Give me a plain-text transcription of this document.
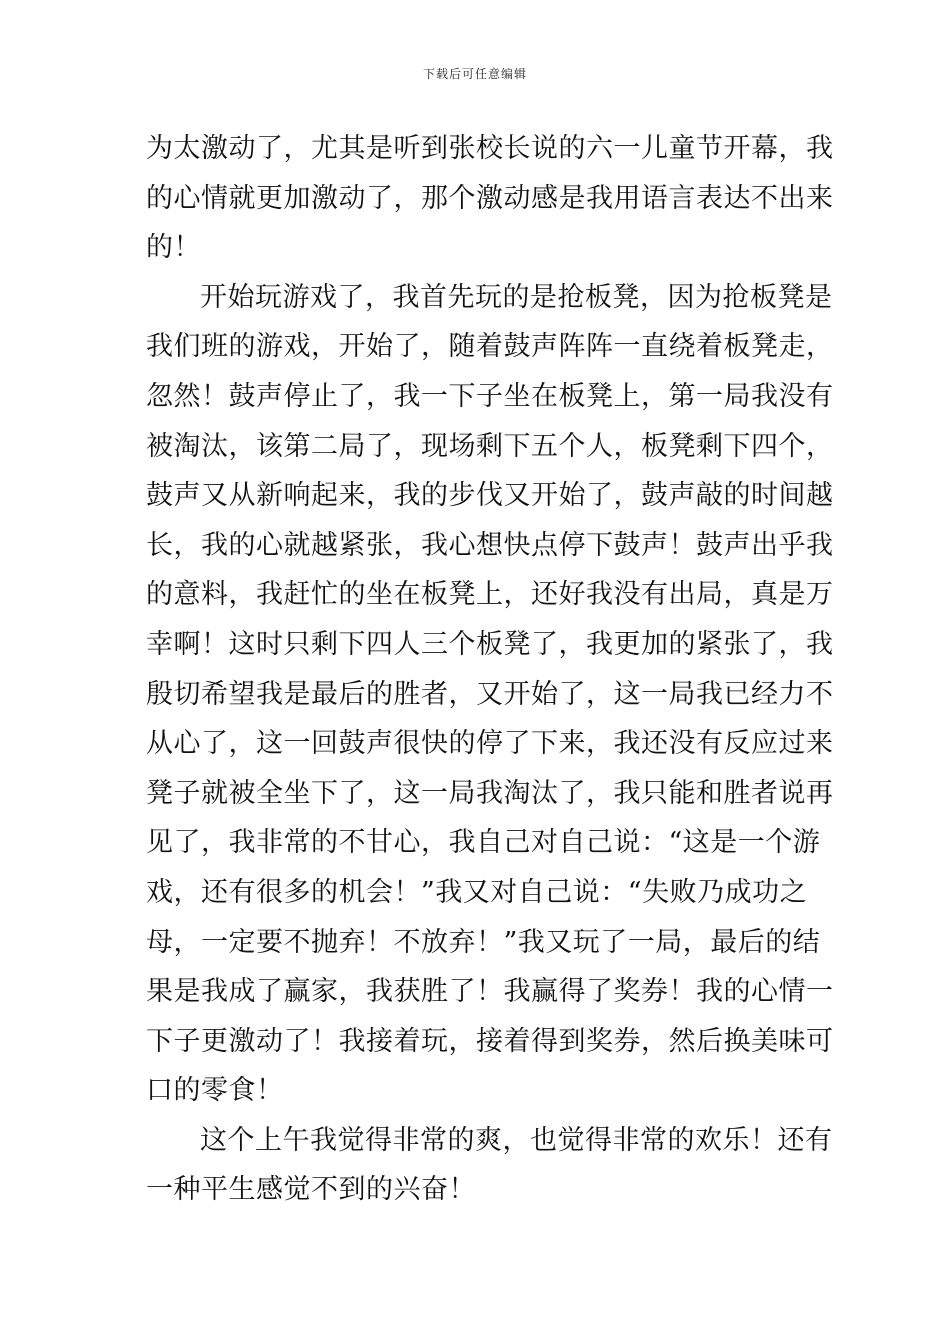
下载后可任意编辑
为太激动了，尤其是听到张校长说的六一儿童节开幕，我
的心情就更加激动了，那个激动感是我用语言表达不出来
的！
开始玩游戏了，我首先玩的是抢板凳，因为抢板凳是
我们班的游戏，开始了，随着鼓声阵阵一直绕着板凳走，
忽然！鼓声停止了，我一下子坐在板凳上，第一局我没有
被淘汰，该第二局了，现场剩下五个人，板凳剩下四个，
鼓声又从新响起来，我的步伐又开始了，鼓声敲的时间越
长，我的心就越紧张，我心想快点停下鼓声！鼓声出乎我
的意料，我赶忙的坐在板凳上，还好我没有出局，真是万
幸啊！这时只剩下四人三个板凳了，我更加的紧张了，我
殷切希望我是最后的胜者，又开始了，这一局我已经力不
从心了，这一回鼓声很快的停了下来，我还没有反应过来
凳子就被全坐下了，这一局我淘汰了，我只能和胜者说再
见了，我非常的不甘心，我自己对自己说：“这是一个游
戏，还有很多的机会！”我又对自己说：“失败乃成功之
母，一定要不抛弃！不放弃！”我又玩了一局，最后的结
果是我成了赢家，我获胜了！我赢得了奖券！我的心情一
下子更激动了！我接着玩，接着得到奖券，然后换美味可
口的零食！
这个上午我觉得非常的爽，也觉得非常的欢乐！还有
一种平生感觉不到的兴奋！
